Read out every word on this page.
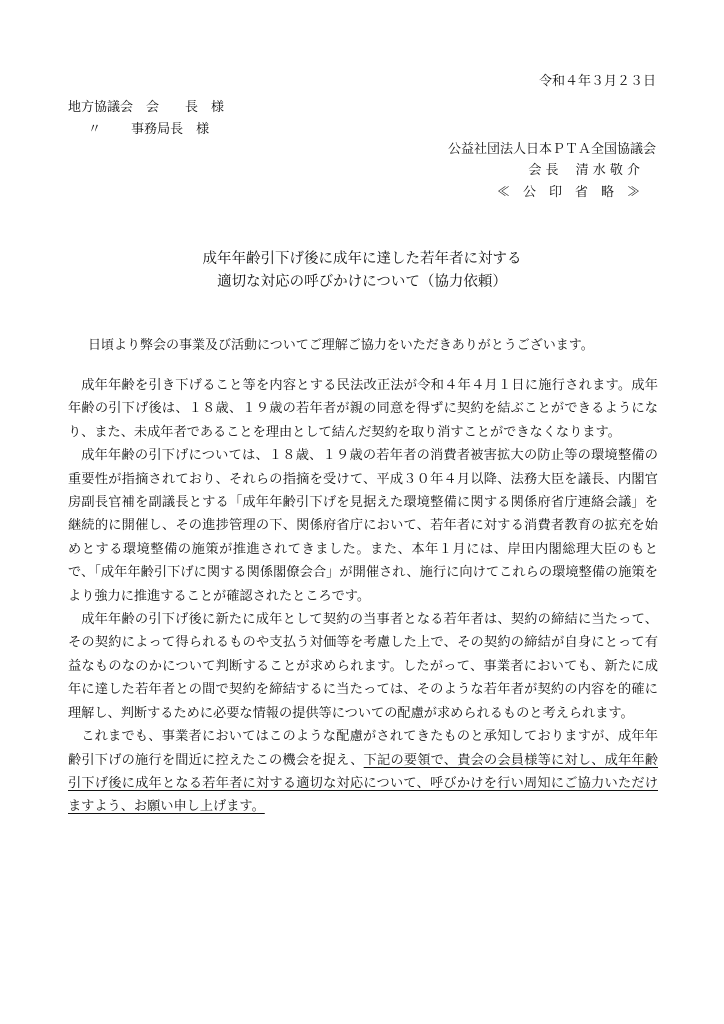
令和４年３月２３日
地方協議会　会　　長　様
〃　　 事務局長　様
公益社団法人日本ＰＴＡ全国協議会
会 長　 清 水 敬 介
≪　公　印　省　略　≫
成年年齢引下げ後に成年に達した若年者に対する
適切な対応の呼びかけについて（協力依頼）
日頃より弊会の事業及び活動についてご理解ご協力をいただきありがとうございます。

成年年齢を引き下げること等を内容とする民法改正法が令和４年４月１日に施行されます。成年年齢の引下げ後は、１８歳、１９歳の若年者が親の同意を得ずに契約を結ぶことができるようになり、また、未成年者であることを理由として結んだ契約を取り消すことができなくなります。

成年年齢の引下げについては、１８歳、１９歳の若年者の消費者被害拡大の防止等の環境整備の重要性が指摘されており、それらの指摘を受けて、平成３０年４月以降、法務大臣を議長、内閣官房副長官補を副議長とする「成年年齢引下げを見据えた環境整備に関する関係府省庁連絡会議」を継続的に開催し、その進捗管理の下、関係府省庁において、若年者に対する消費者教育の拡充を始めとする環境整備の施策が推進されてきました。また、本年１月には、岸田内閣総理大臣のもとで、「成年年齢引下げに関する関係閣僚会合」が開催され、施行に向けてこれらの環境整備の施策をより強力に推進することが確認されたところです。

成年年齢の引下げ後に新たに成年として契約の当事者となる若年者は、契約の締結に当たって、その契約によって得られるものや支払う対価等を考慮した上で、その契約の締結が自身にとって有益なものなのかについて判断することが求められます。したがって、事業者においても、新たに成年に達した若年者との間で契約を締結するに当たっては、そのような若年者が契約の内容を的確に理解し、判断するために必要な情報の提供等についての配慮が求められるものと考えられます。

これまでも、事業者においてはこのような配慮がされてきたものと承知しておりますが、成年年齢引下げの施行を間近に控えたこの機会を捉え、下記の要領で、貴会の会員様等に対し、成年年齢引下げ後に成年となる若年者に対する適切な対応について、呼びかけを行い周知にご協力いただけますよう、お願い申し上げます。
